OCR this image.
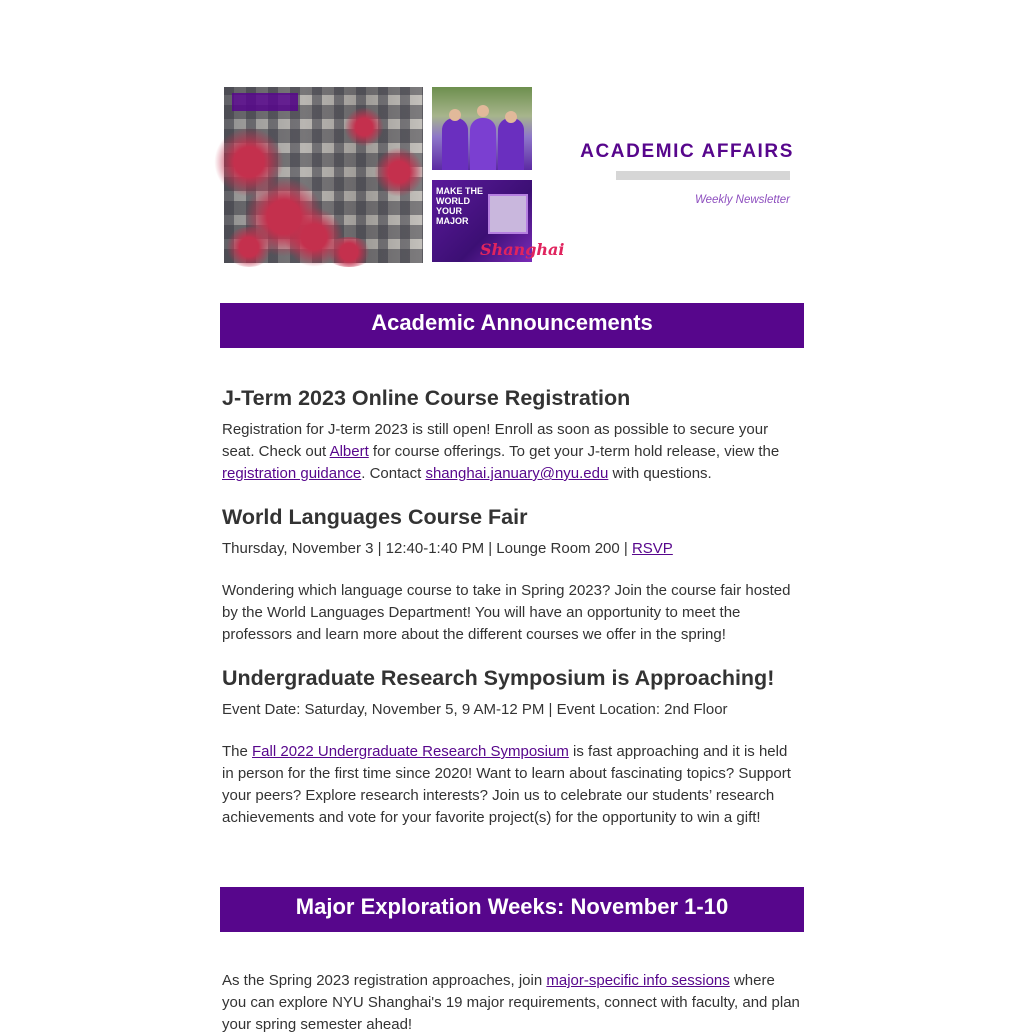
MAKE THE WORLD YOUR MAJOR
Shanghai
ACADEMIC AFFAIRS
Weekly Newsletter
Academic Announcements
J-Term 2023 Online Course Registration

Registration for J-term 2023 is still open! Enroll as soon as possible to secure your seat. Check out Albert for course offerings. To get your J-term hold release, view the registration guidance. Contact shanghai.january@nyu.edu with questions.

World Languages Course Fair

Thursday, November 3 | 12:40-1:40 PM | Lounge Room 200 | RSVP

Wondering which language course to take in Spring 2023? Join the course fair hosted by the World Languages Department! You will have an opportunity to meet the professors and learn more about the different courses we offer in the spring!

Undergraduate Research Symposium is Approaching!

Event Date: Saturday, November 5, 9 AM-12 PM | Event Location: 2nd Floor

The Fall 2022 Undergraduate Research Symposium is fast approaching and it is held in person for the first time since 2020! Want to learn about fascinating topics? Support your peers? Explore research interests? Join us to celebrate our students’ research achievements and vote for your favorite project(s) for the opportunity to win a gift!

Major Exploration Weeks: November 1-10

As the Spring 2023 registration approaches, join major-specific info sessions where you can explore NYU Shanghai's 19 major requirements, connect with faculty, and plan your spring semester ahead!
